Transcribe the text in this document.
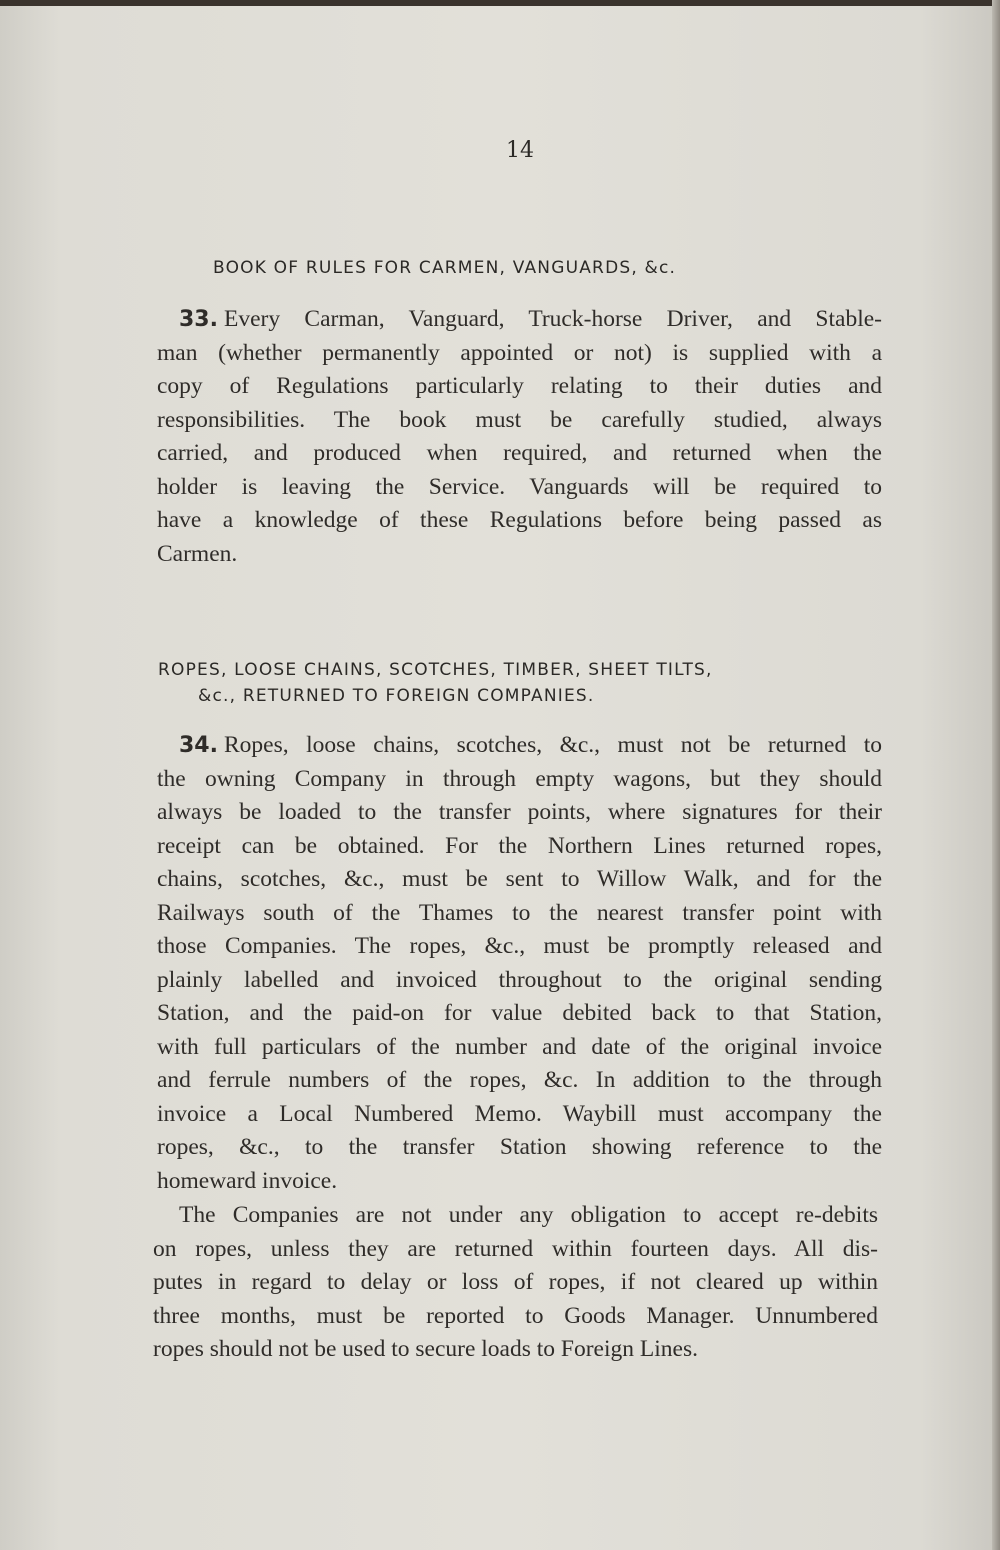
14
BOOK OF RULES FOR CARMEN, VANGUARDS, &c.
33. Every Carman, Vanguard, Truck-horse Driver, and Stable-
man (whether permanently appointed or not) is supplied with a
copy of Regulations particularly relating to their duties and
responsibilities. The book must be carefully studied, always
carried, and produced when required, and returned when the
holder is leaving the Service. Vanguards will be required to
have a knowledge of these Regulations before being passed as
Carmen.
ROPES, LOOSE CHAINS, SCOTCHES, TIMBER, SHEET TILTS,
&c., RETURNED TO FOREIGN COMPANIES.
34. Ropes, loose chains, scotches, &c., must not be returned to
the owning Company in through empty wagons, but they should
always be loaded to the transfer points, where signatures for their
receipt can be obtained. For the Northern Lines returned ropes,
chains, scotches, &c., must be sent to Willow Walk, and for the
Railways south of the Thames to the nearest transfer point with
those Companies. The ropes, &c., must be promptly released and
plainly labelled and invoiced throughout to the original sending
Station, and the paid-on for value debited back to that Station,
with full particulars of the number and date of the original invoice
and ferrule numbers of the ropes, &c. In addition to the through
invoice a Local Numbered Memo. Waybill must accompany the
ropes, &c., to the transfer Station showing reference to the
homeward invoice.
The Companies are not under any obligation to accept re-debits
on ropes, unless they are returned within fourteen days. All dis-
putes in regard to delay or loss of ropes, if not cleared up within
three months, must be reported to Goods Manager. Unnumbered
ropes should not be used to secure loads to Foreign Lines.
